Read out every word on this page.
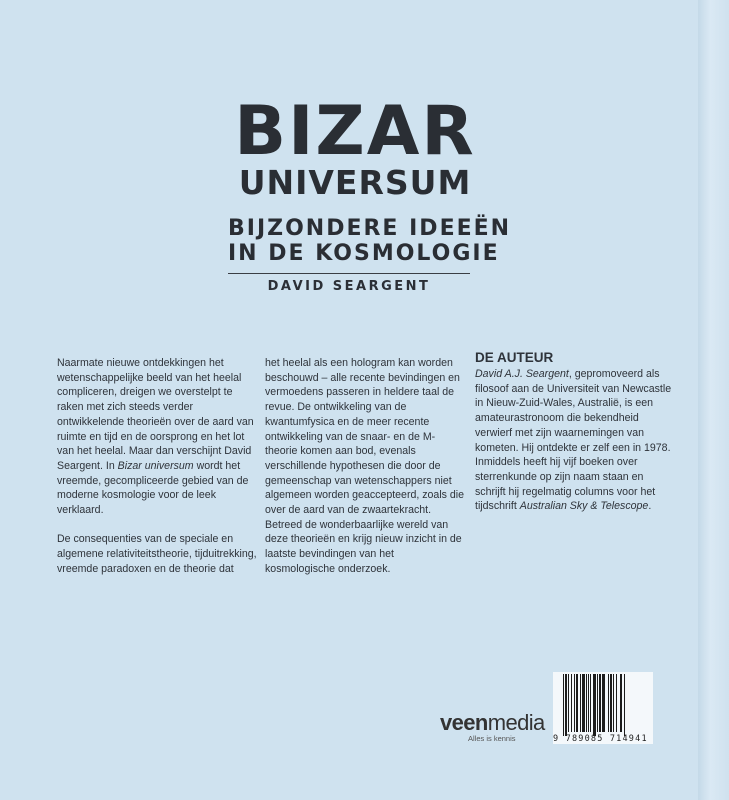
BIZAR
UNIVERSUM
BIJZONDERE IDEEËN
IN DE KOSMOLOGIE
DAVID SEARGENT

Naarmate nieuwe ontdekkingen het wetenschappelijke beeld van het heelal compliceren, dreigen we overstelpt te raken met zich steeds verder ontwikkelende theorieën over de aard van ruimte en tijd en de oorsprong en het lot van het heelal. Maar dan verschijnt David Seargent. In Bizar universum wordt het vreemde, gecompliceerde gebied van de moderne kosmologie voor de leek verklaard.

De consequenties van de speciale en algemene relativiteitstheorie, tijduitrekking, vreemde paradoxen en de theorie dat

het heelal als een hologram kan worden beschouwd – alle recente bevindingen en vermoedens passeren in heldere taal de revue. De ontwikkeling van de kwantumfysica en de meer recente ontwikkeling van de snaar- en de M-theorie komen aan bod, evenals verschillende hypothesen die door de gemeenschap van wetenschappers niet algemeen worden geaccepteerd, zoals die over de aard van de zwaartekracht. Betreed de wonderbaarlijke wereld van deze theorieën en krijg nieuw inzicht in de laatste bevindingen van het kosmologische onderzoek.

DE AUTEUR

David A.J. Seargent, gepromoveerd als filosoof aan de Universiteit van Newcastle in Nieuw-Zuid-Wales, Australië, is een amateurastronoom die bekendheid verwierf met zijn waarnemingen van kometen. Hij ontdekte er zelf een in 1978. Inmiddels heeft hij vijf boeken over sterrenkunde op zijn naam staan en schrijft hij regelmatig columns voor het tijdschrift Australian Sky & Telescope.

veenmedia
Alles is kennis	9 789085 714941
